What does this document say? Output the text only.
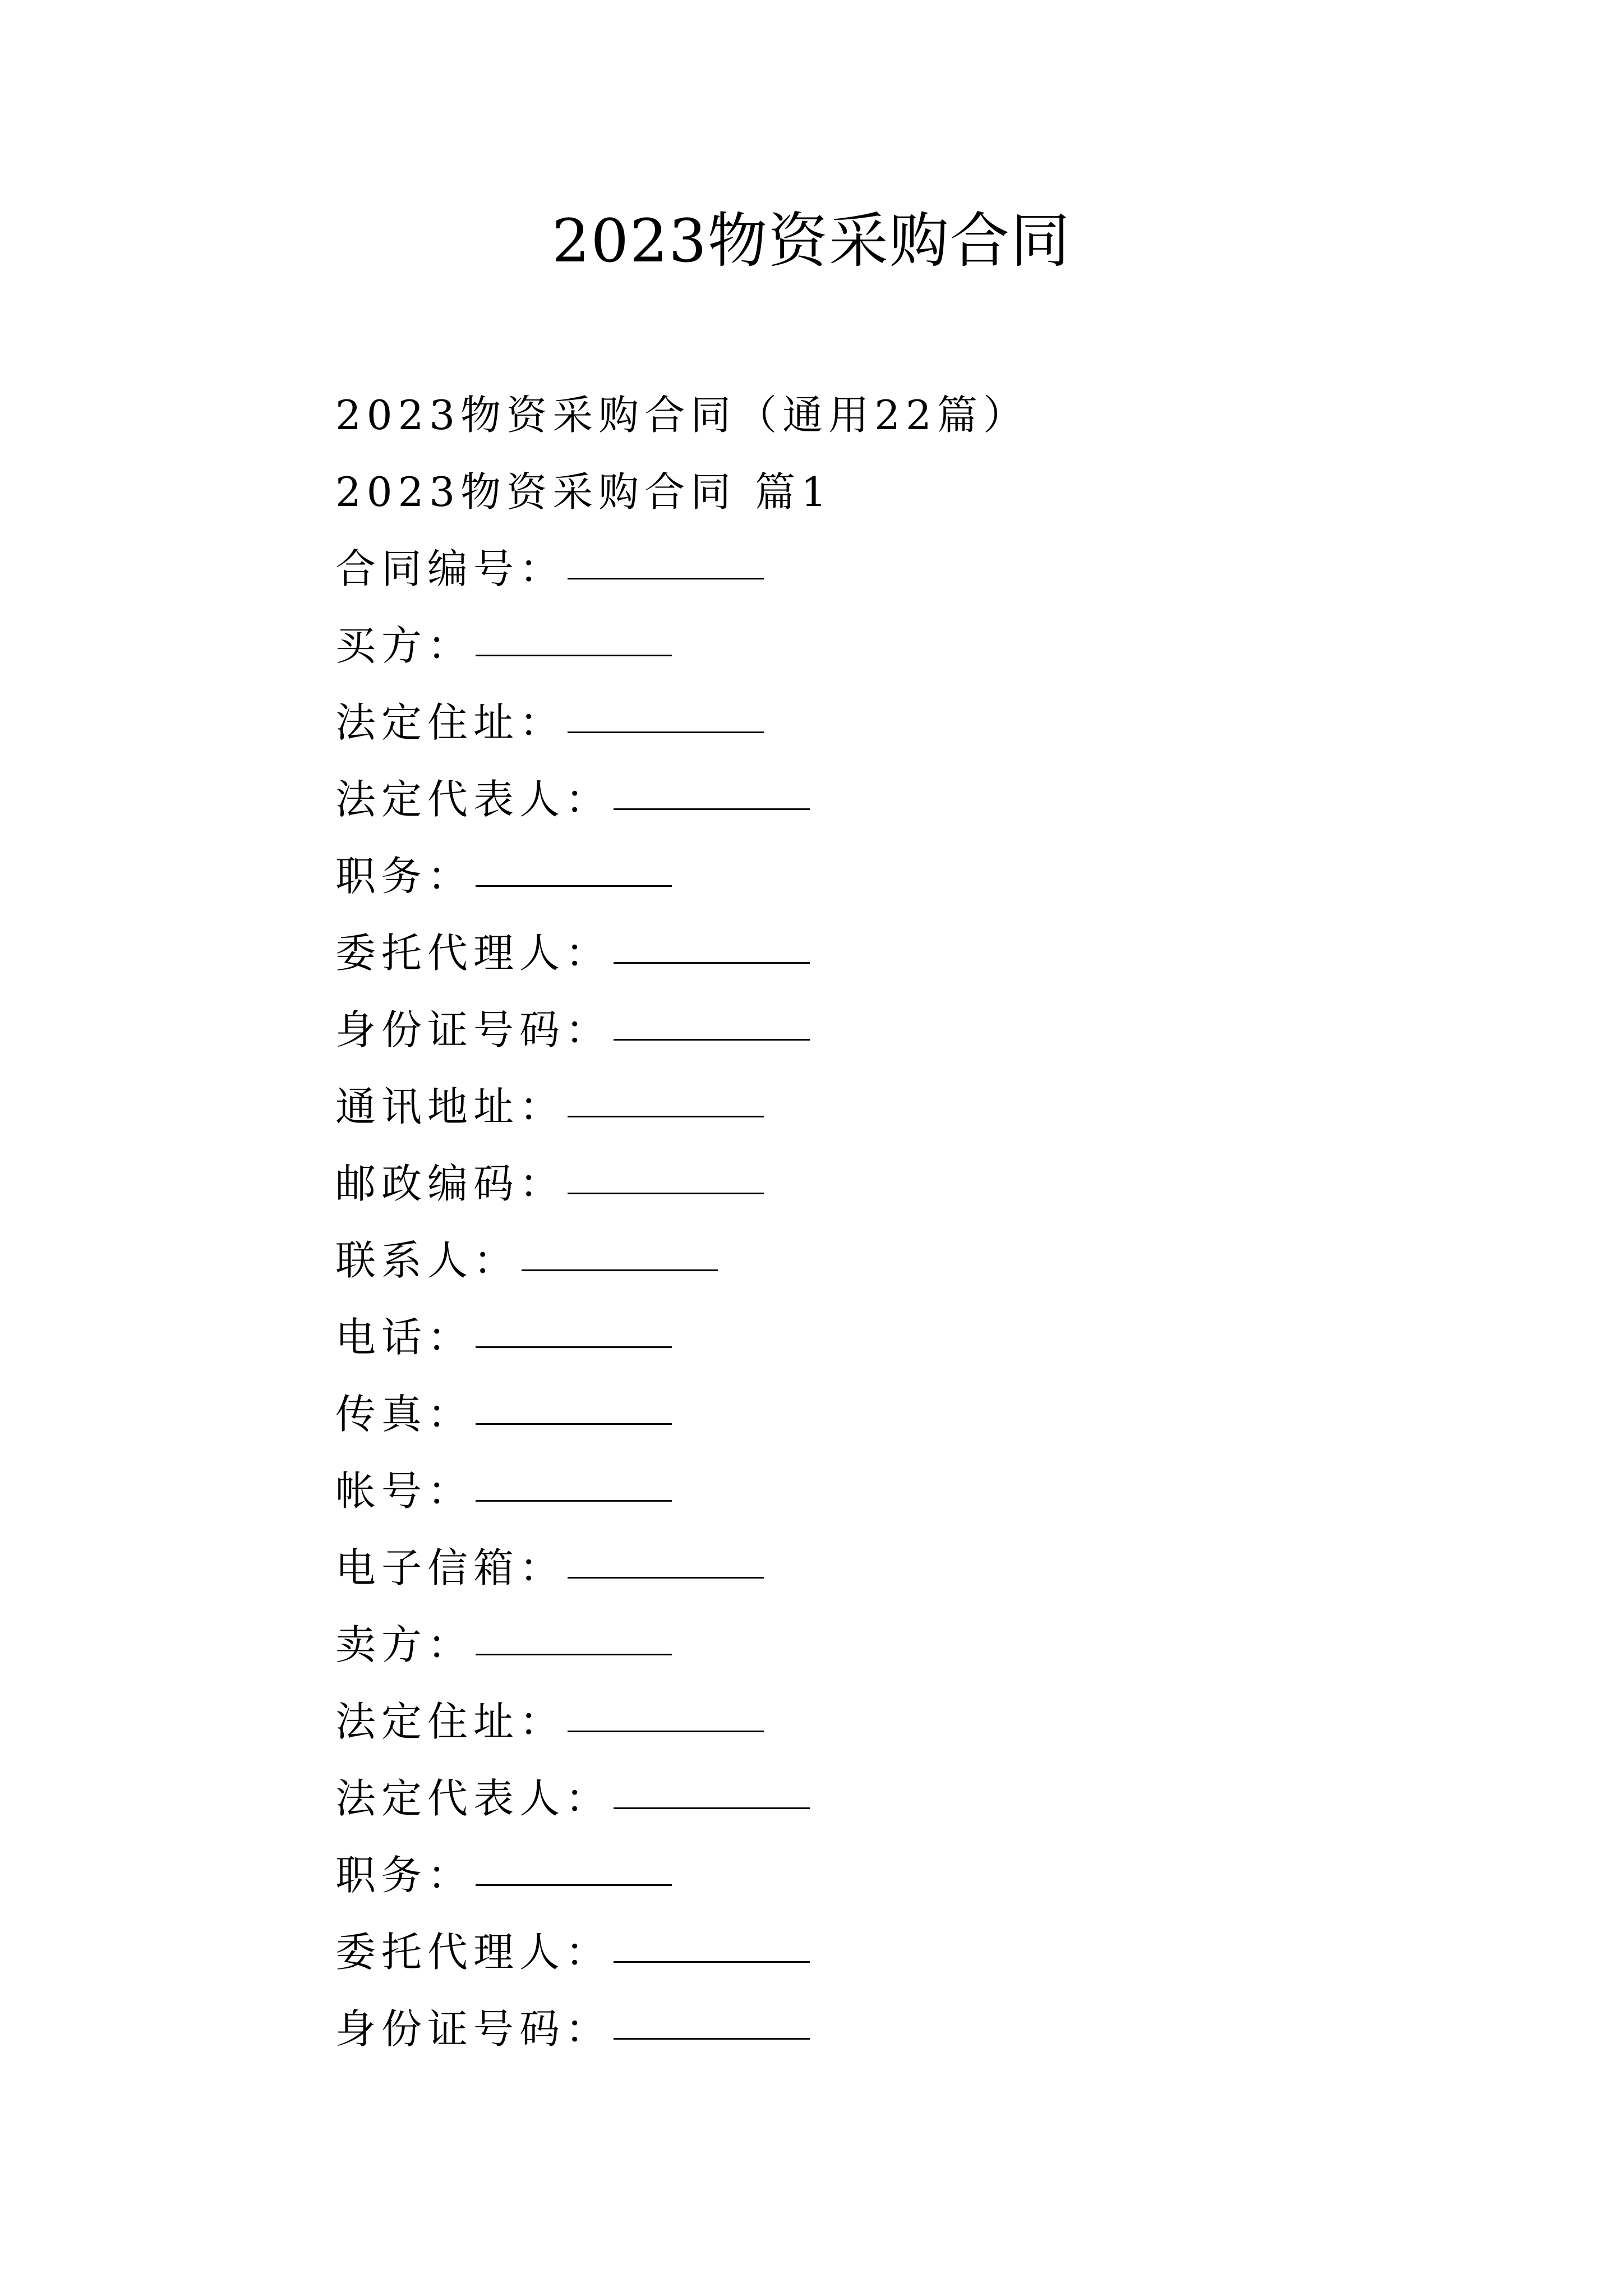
2023物资采购合同
2023物资采购合同（通用22篇）
2023物资采购合同 篇1
合同编号：
买方：
法定住址：
法定代表人：
职务：
委托代理人：
身份证号码：
通讯地址：
邮政编码：
联系人：
电话：
传真：
帐号：
电子信箱：
卖方：
法定住址：
法定代表人：
职务：
委托代理人：
身份证号码：
